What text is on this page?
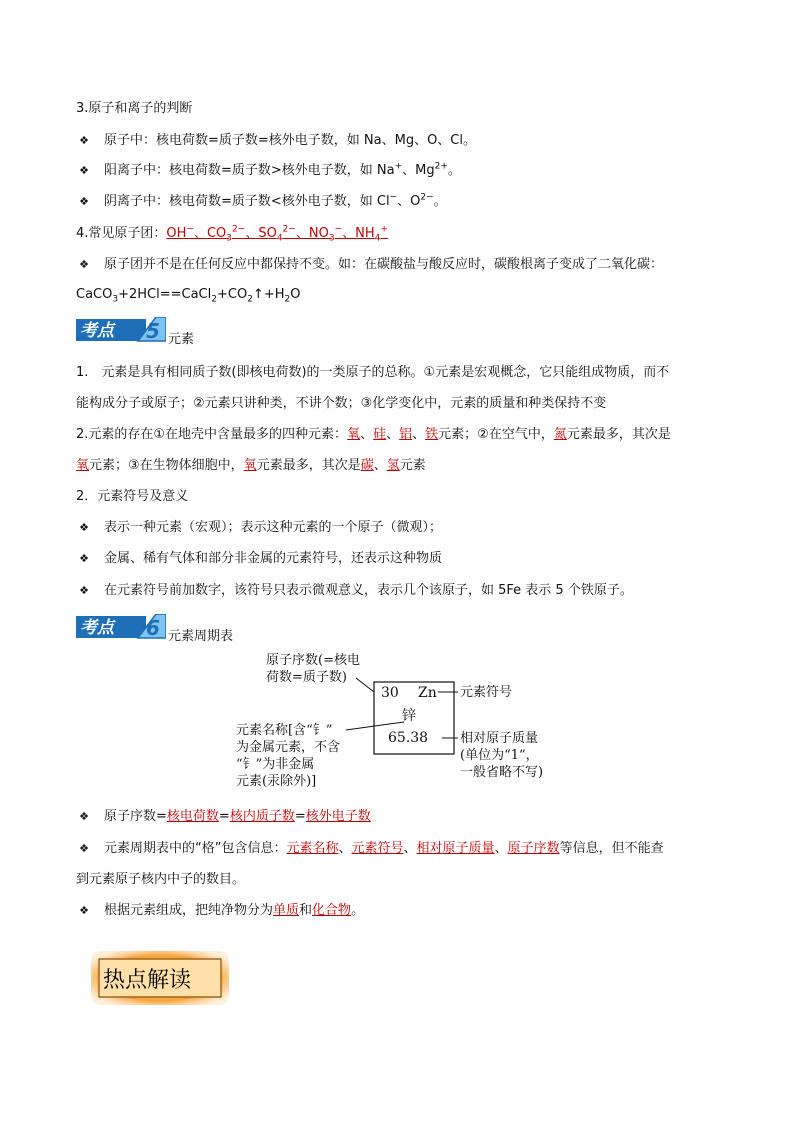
3.原子和离子的判断
❖ 原子中：核电荷数=质子数=核外电子数，如 Na、Mg、O、Cl。
❖ 阳离子中：核电荷数=质子数>核外电子数，如 Na+、$Mg^{2+}$。
❖ 阴离子中：核电荷数=质子数<核外电子数，如 Cl−、$O^{2-}$。
4.常见原子团：OH−、$CO_3^{2-}$、$SO_4^{2-}$、$NO_3^-$、$NH_4^+$
❖ 原子团并不是在任何反应中都保持不变。如：在碳酸盐与酸反应时，碳酸根离子变成了二氧化碳：
$CaCO_3+2HCl==CaCl_2+CO_2↑+H_2O$
考点 5 元素
1.　元素是具有相同质子数(即核电荷数)的一类原子的总称。①元素是宏观概念，它只能组成物质，而不
能构成分子或原子；②元素只讲种类，不讲个数；③化学变化中，元素的质量和种类保持不变
2.元素的存在①在地壳中含量最多的四种元素：氧、硅、铝、铁元素；②在空气中，氮元素最多，其次是
氧元素；③在生物体细胞中，氧元素最多，其次是碳、氢元素
2．元素符号及意义
❖ 表示一种元素（宏观）；表示这种元素的一个原子（微观）；
❖ 金属、稀有气体和部分非金属的元素符号，还表示这种物质
❖ 在元素符号前加数字，该符号只表示微观意义，表示几个该原子，如 5Fe 表示 5 个铁原子。
考点 6 元素周期表
原子序数(=核电
荷数=质子数)
30 Zn
锌
65.38
元素符号
元素名称[含“钅”
为金属元素，不含
“钅”为非金属
元素(汞除外)]
相对原子质量
(单位为“1”，
一般省略不写)
❖ 原子序数=核电荷数=核内质子数=核外电子数
❖ 元素周期表中的“格”包含信息：元素名称、元素符号、相对原子质量、原子序数等信息，但不能查
到元素原子核内中子的数目。
❖ 根据元素组成，把纯净物分为单质和化合物。
热点解读
